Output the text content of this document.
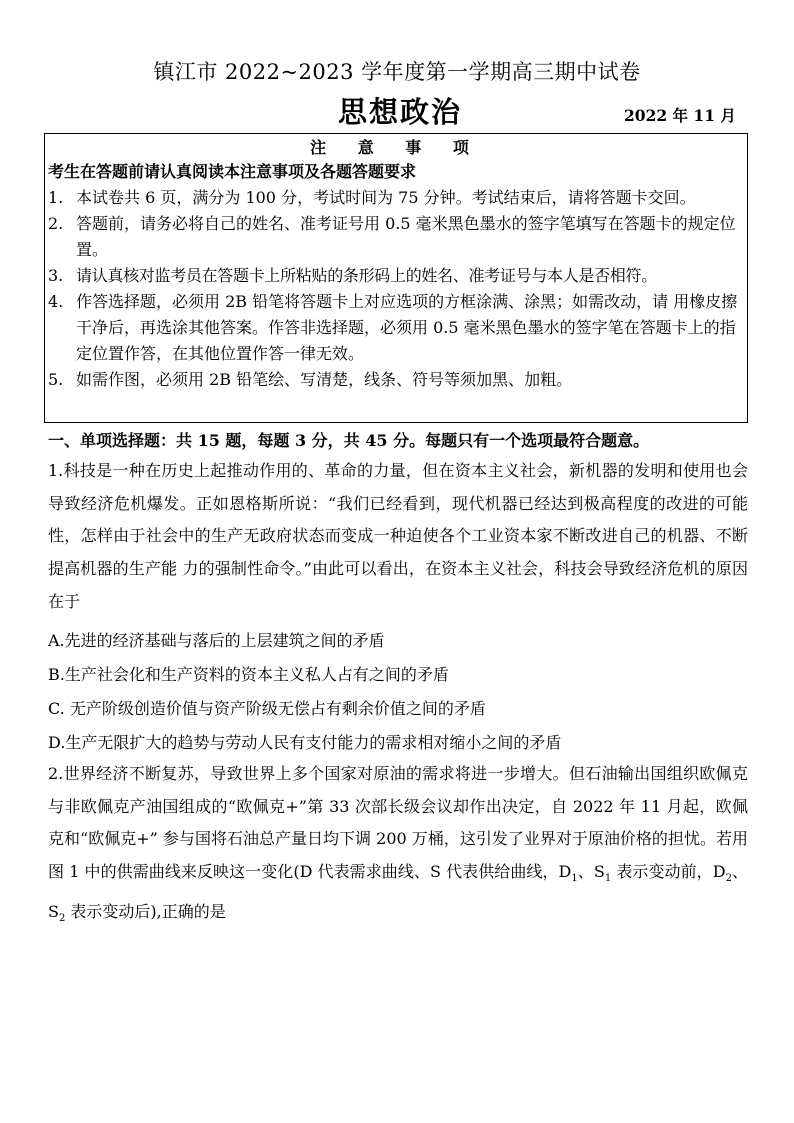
镇江市 2022~2023 学年度第一学期高三期中试卷
思想政治	2022 年 11 月
注 意 事 项
考生在答题前请认真阅读本注意事项及各题答题要求
1. 本试卷共 6 页，满分为 100 分，考试时间为 75 分钟。考试结束后，请将答题卡交回。
2. 答题前，请务必将自己的姓名、准考证号用 0.5 毫米黑色墨水的签字笔填写在答题卡的规定位置。
3. 请认真核对监考员在答题卡上所粘贴的条形码上的姓名、准考证号与本人是否相符。
4. 作答选择题，必须用 2B 铅笔将答题卡上对应选项的方框涂满、涂黑；如需改动，请 用橡皮擦干净后，再选涂其他答案。作答非选择题，必须用 0.5 毫米黑色墨水的签字笔在答题卡上的指定位置作答，在其他位置作答一律无效。
5. 如需作图，必须用 2B 铅笔绘、写清楚，线条、符号等须加黑、加粗。
一、单项选择题：共 15 题，每题 3 分，共 45 分。每题只有一个选项最符合题意。
1.科技是一种在历史上起推动作用的、革命的力量，但在资本主义社会，新机器的发明和使用也会导致经济危机爆发。正如恩格斯所说：“我们已经看到，现代机器已经达到极高程度的改进的可能性，怎样由于社会中的生产无政府状态而变成一种迫使各个工业资本家不断改进自己的机器、不断提高机器的生产能 力的强制性命令。”由此可以看出，在资本主义社会，科技会导致经济危机的原因在于
A.先进的经济基础与落后的上层建筑之间的矛盾
B.生产社会化和生产资料的资本主义私人占有之间的矛盾
C. 无产阶级创造价值与资产阶级无偿占有剩余价值之间的矛盾
D.生产无限扩大的趋势与劳动人民有支付能力的需求相对缩小之间的矛盾
2.世界经济不断复苏，导致世界上多个国家对原油的需求将进一步增大。但石油输出国组织欧佩克与非欧佩克产油国组成的“欧佩克+”第 33 次部长级会议却作出决定，自 2022 年 11 月起，欧佩克和“欧佩克+” 参与国将石油总产量日均下调 200 万桶，这引发了业界对于原油价格的担忧。若用图 1 中的供需曲线来反映这一变化(D 代表需求曲线、S 代表供给曲线，$D_1$、$S_1$ 表示变动前，$D_2$、$S_2$ 表示变动后),正确的是
